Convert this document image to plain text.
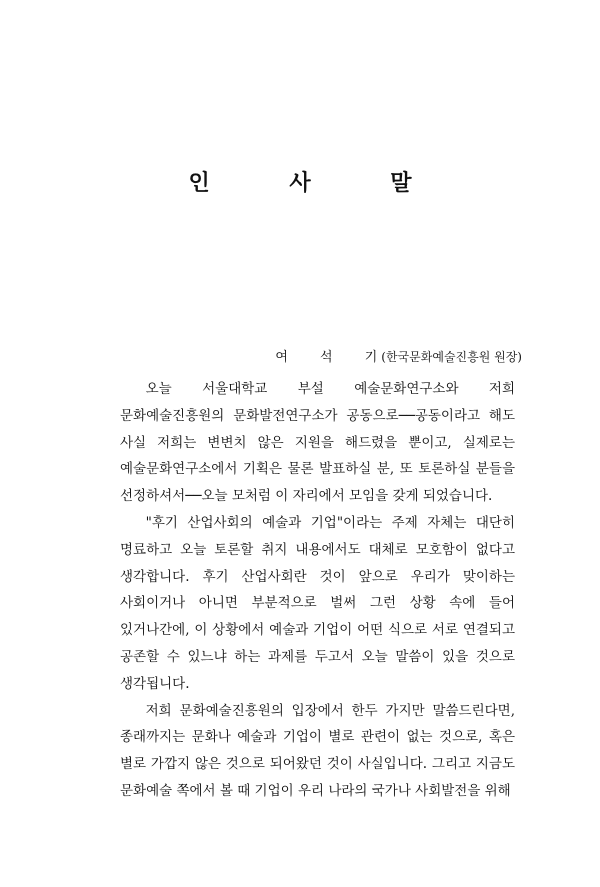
인 사 말
여 석 기(한국문화예술진흥원 원장)

오늘 서울대학교 부설 예술문화연구소와 저희 문화예술진흥원의 문화발전연구소가 공동으로──공동이라고 해도 사실 저희는 변변치 않은 지원을 해드렸을 뿐이고, 실제로는 예술문화연구소에서 기획은 물론 발표하실 분, 또 토론하실 분들을 선정하셔서──오늘 모처럼 이 자리에서 모임을 갖게 되었습니다.

"후기 산업사회의 예술과 기업"이라는 주제 자체는 대단히 명료하고 오늘 토론할 취지 내용에서도 대체로 모호함이 없다고 생각합니다. 후기 산업사회란 것이 앞으로 우리가 맞이하는 사회이거나 아니면 부분적으로 벌써 그런 상황 속에 들어 있거나간에, 이 상황에서 예술과 기업이 어떤 식으로 서로 연결되고 공존할 수 있느냐 하는 과제를 두고서 오늘 말씀이 있을 것으로 생각됩니다.

저희 문화예술진흥원의 입장에서 한두 가지만 말씀드린다면, 종래까지는 문화나 예술과 기업이 별로 관련이 없는 것으로, 혹은 별로 가깝지 않은 것으로 되어왔던 것이 사실입니다. 그리고 지금도 문화예술 쪽에서 볼 때 기업이 우리 나라의 국가나 사회발전을 위해
